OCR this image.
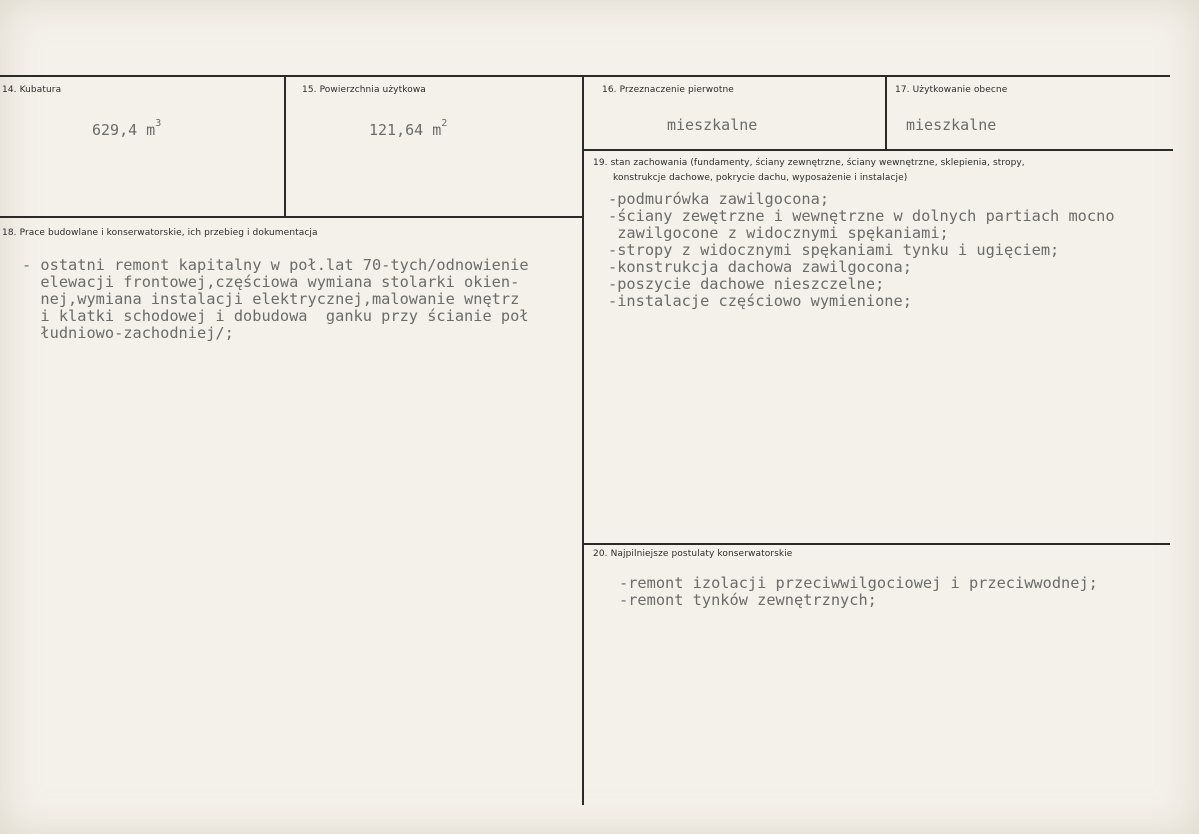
14. Kubatura
629,4 $m^3$
15. Powierzchnia użytkowa
121,64 $m^2$
16. Przeznaczenie pierwotne
mieszkalne
17. Użytkowanie obecne
mieszkalne
18. Prace budowlane i konserwatorskie, ich przebieg i dokumentacja
- ostatni remont kapitalny w poł.lat 70-tych/odnowienie
elewacji frontowej,częściowa wymiana stolarki okien-
nej,wymiana instalacji elektrycznej,malowanie wnętrz
i klatki schodowej i dobudowa  ganku przy ścianie poł
łudniowo-zachodniej/;
19. stan zachowania (fundamenty, ściany zewnętrzne, ściany wewnętrzne, sklepienia, stropy,
konstrukcje dachowe, pokrycie dachu, wyposażenie i instalacje)
-podmurówka zawilgocona;
-ściany zewętrzne i wewnętrzne w dolnych partiach mocno
zawilgocone z widocznymi spękaniami;
-stropy z widocznymi spękaniami tynku i ugięciem;
-konstrukcja dachowa zawilgocona;
-poszycie dachowe nieszczelne;
-instalacje częściowo wymienione;
20. Najpilniejsze postulaty konserwatorskie
-remont izolacji przeciwwilgociowej i przeciwwodnej;
-remont tynków zewnętrznych;
